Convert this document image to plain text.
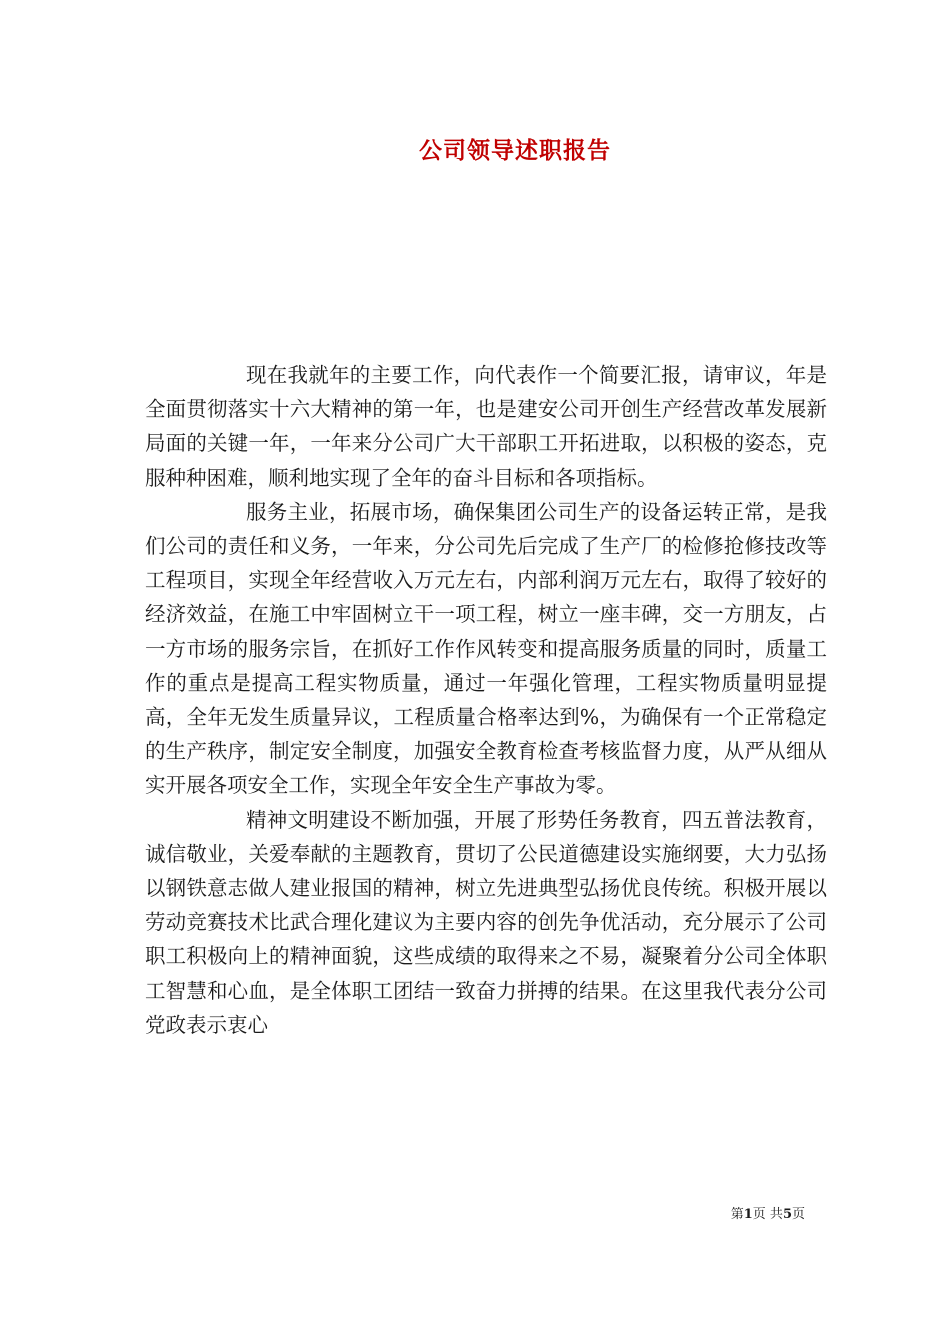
公司领导述职报告

现在我就年的主要工作，向代表作一个简要汇报，请审议，年是全面贯彻落实十六大精神的第一年，也是建安公司开创生产经营改革发展新局面的关键一年，一年来分公司广大干部职工开拓进取，以积极的姿态，克服种种困难，顺利地实现了全年的奋斗目标和各项指标。

服务主业，拓展市场，确保集团公司生产的设备运转正常，是我们公司的责任和义务，一年来，分公司先后完成了生产厂的检修抢修技改等工程项目，实现全年经营收入万元左右，内部利润万元左右，取得了较好的经济效益，在施工中牢固树立干一项工程，树立一座丰碑，交一方朋友，占一方市场的服务宗旨，在抓好工作作风转变和提高服务质量的同时，质量工作的重点是提高工程实物质量，通过一年强化管理，工程实物质量明显提高，全年无发生质量异议，工程质量合格率达到%，为确保有一个正常稳定的生产秩序，制定安全制度，加强安全教育检查考核监督力度，从严从细从实开展各项安全工作，实现全年安全生产事故为零。

精神文明建设不断加强，开展了形势任务教育，四五普法教育，诚信敬业，关爱奉献的主题教育，贯切了公民道德建设实施纲要，大力弘扬以钢铁意志做人建业报国的精神，树立先进典型弘扬优良传统。积极开展以劳动竞赛技术比武合理化建议为主要内容的创先争优活动，充分展示了公司职工积极向上的精神面貌，这些成绩的取得来之不易，凝聚着分公司全体职工智慧和心血，是全体职工团结一致奋力拼搏的结果。在这里我代表分公司党政表示衷心

第1页 共5页
